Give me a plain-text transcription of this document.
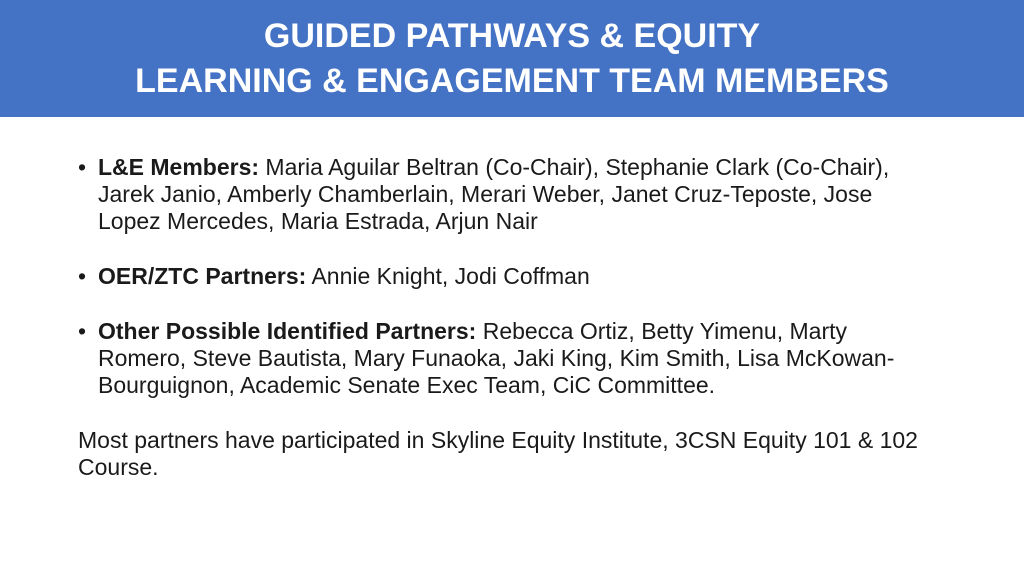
GUIDED PATHWAYS & EQUITY
LEARNING & ENGAGEMENT TEAM MEMBERS
• L&E Members: Maria Aguilar Beltran (Co-Chair), Stephanie Clark (Co-Chair), Jarek Janio, Amberly Chamberlain, Merari Weber, Janet Cruz-Teposte, Jose Lopez Mercedes, Maria Estrada, Arjun Nair
• OER/ZTC Partners: Annie Knight, Jodi Coffman
• Other Possible Identified Partners: Rebecca Ortiz, Betty Yimenu, Marty Romero, Steve Bautista, Mary Funaoka, Jaki King, Kim Smith, Lisa McKowan-Bourguignon, Academic Senate Exec Team, CiC Committee.

Most partners have participated in Skyline Equity Institute, 3CSN Equity 101 & 102 Course.
